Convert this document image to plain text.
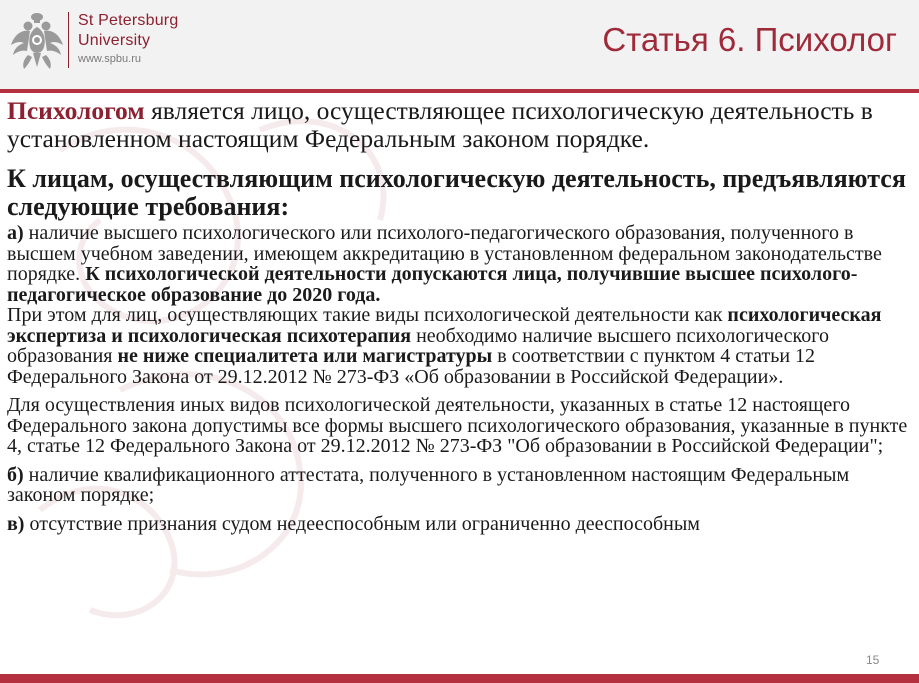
St Petersburg
University
www.spbu.ru
Статья 6. Психолог

Психологом является лицо, осуществляющее психологическую деятельность в установленном настоящим Федеральным законом порядке.

К лицам, осуществляющим психологическую деятельность, предъявляются следующие требования:

а) наличие высшего психологического или психолого-педагогического образования, полученного в высшем учебном заведении, имеющем аккредитацию в установленном федеральном законодательстве порядке. К психологической деятельности допускаются лица, получившие высшее психолого-педагогическое образование до 2020 года.

При этом для лиц, осуществляющих такие виды психологической деятельности как психологическая экспертиза и психологическая психотерапия необходимо наличие высшего психологического образования не ниже специалитета или магистратуры в соответствии с пунктом 4 статьи 12 Федерального Закона от 29.12.2012 № 273-ФЗ «Об образовании в Российской Федерации».

Для осуществления иных видов психологической деятельности, указанных в статье 12 настоящего Федерального закона допустимы все формы высшего психологического образования, указанные в пункте 4, статье 12 Федерального Закона от 29.12.2012 № 273-ФЗ "Об образовании в Российской Федерации";

б) наличие квалификационного аттестата, полученного в установленном настоящим Федеральным законом порядке;

в) отсутствие признания судом недееспособным или ограниченно дееспособным

15
